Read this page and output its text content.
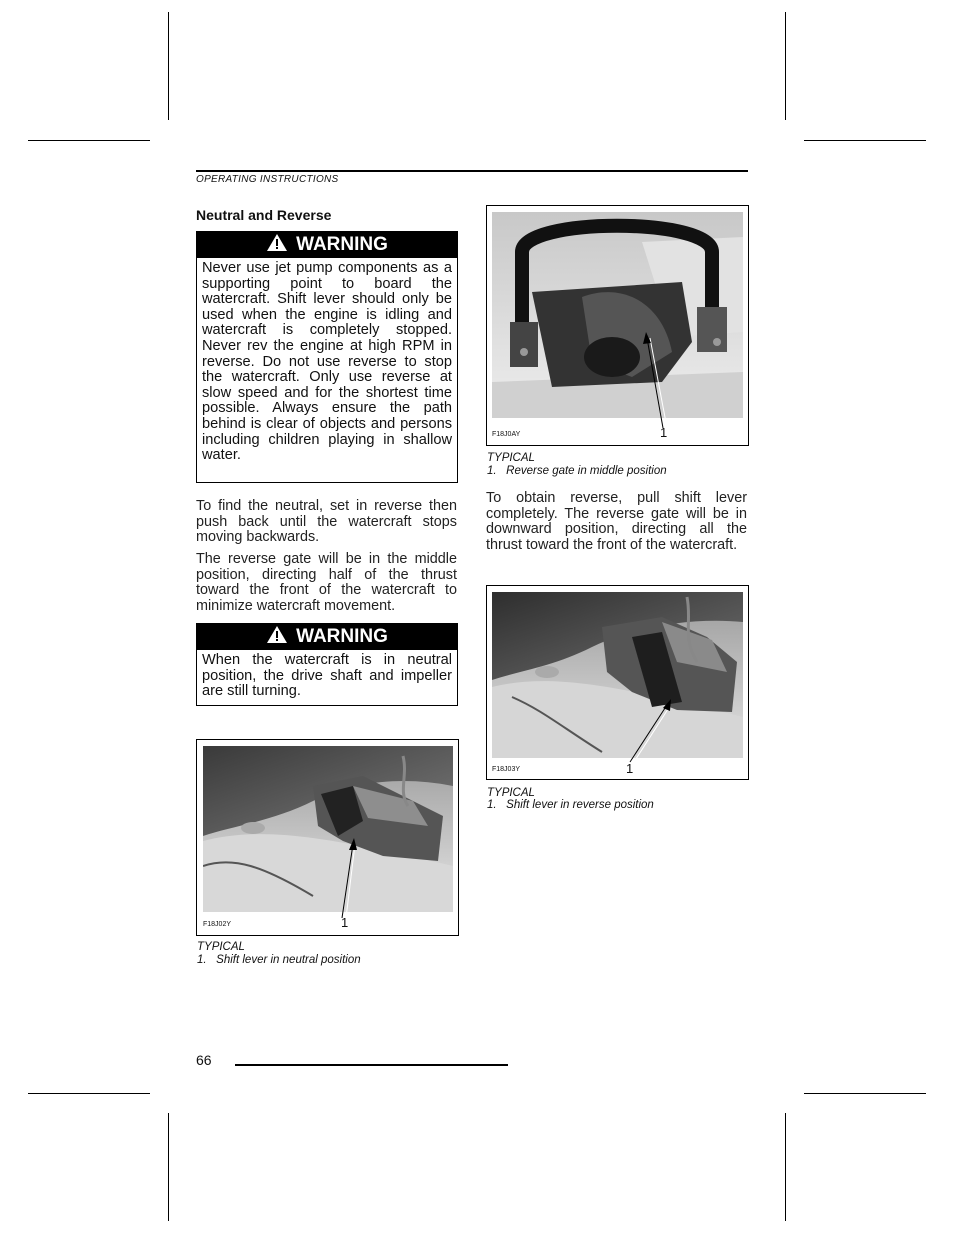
OPERATING INSTRUCTIONS
Neutral and Reverse
WARNING
Never use jet pump components as a supporting point to board the watercraft. Shift lever should only be used when the engine is idling and watercraft is completely stopped. Never rev the engine at high RPM in reverse. Do not use reverse to stop the watercraft. Only use reverse at slow speed and for the shortest time possible. Always ensure the path behind is clear of objects and persons including children playing in shallow water.
To find the neutral, set in reverse then push back until the watercraft stops moving backwards.
The reverse gate will be in the middle position, directing half of the thrust toward the front of the watercraft to minimize watercraft movement.
WARNING
When the watercraft is in neutral position, the drive shaft and impeller are still turning.
F18J02Y	1
TYPICAL
1.   Shift lever in neutral position
F18J0AY	1
TYPICAL
1.   Reverse gate in middle position
To obtain reverse, pull shift lever completely. The reverse gate will be in downward position, directing all the thrust toward the front of the watercraft.
F18J03Y	1
TYPICAL
1.   Shift lever in reverse position
66
